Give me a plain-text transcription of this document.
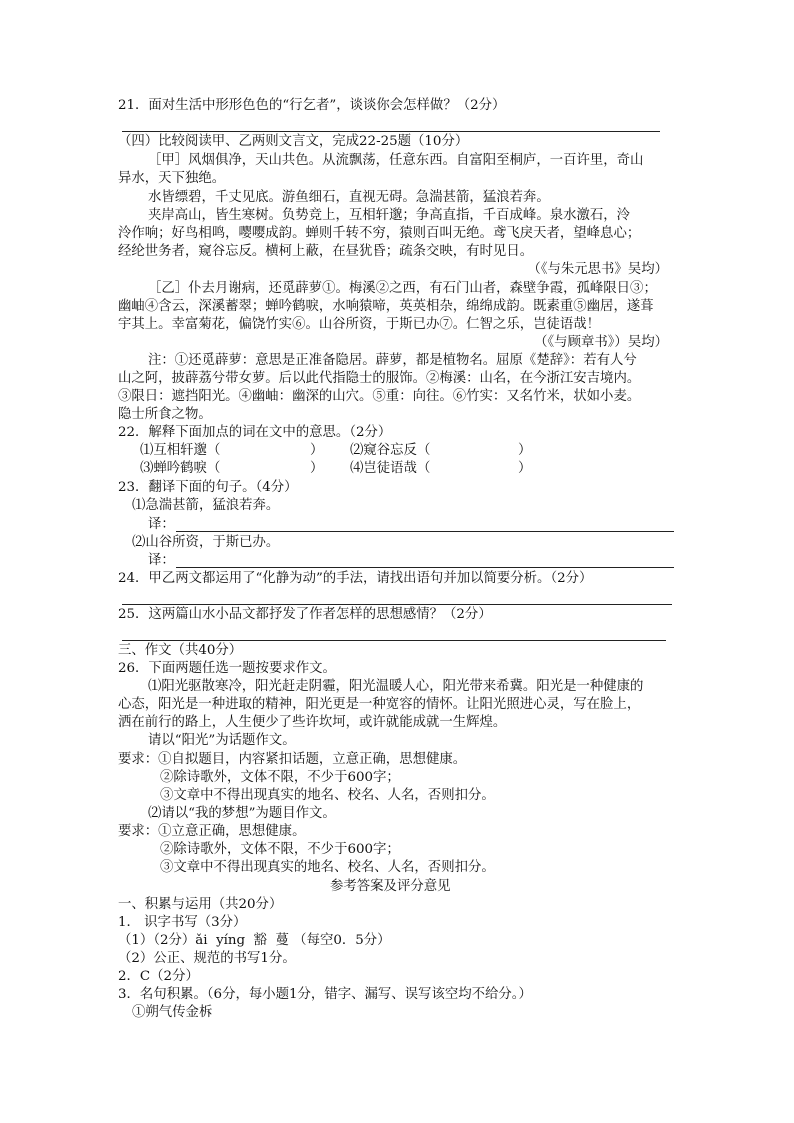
21．面对生活中形形色色的“行乞者”，谈谈你会怎样做？（2分）
（四）比较阅读甲、乙两则文言文，完成22-25题（10分）
［甲］风烟俱净，天山共色。从流飘荡，任意东西。自富阳至桐庐，一百许里，奇山
异水，天下独绝。
水皆缥碧，千丈见底。游鱼细石，直视无碍。急湍甚箭，猛浪若奔。
夹岸高山，皆生寒树。负势竞上，互相轩邈；争高直指，千百成峰。泉水激石，泠
泠作响；好鸟相鸣，嘤嘤成韵。蝉则千转不穷，猿则百叫无绝。鸢飞戾天者，望峰息心；
经纶世务者，窥谷忘反。横柯上蔽，在昼犹昏；疏条交映，有时见日。
（《与朱元思书》吴均）
［乙］仆去月谢病，还觅薜萝①。梅溪②之西，有石门山者，森壁争霞，孤峰限日③；
幽岫④含云，深溪蓄翠；蝉吟鹤唳，水响猿啼，英英相杂，绵绵成韵。既素重⑤幽居，遂葺
宇其上。幸富菊花，偏饶竹实⑥。山谷所资，于斯已办⑦。仁智之乐，岂徒语哉！
（《与顾章书》）吴均）
注：①还觅薜萝：意思是正准备隐居。薜萝，都是植物名。屈原《楚辞》：若有人兮
山之阿，披薜荔兮带女萝。后以此代指隐士的服饰。②梅溪：山名，在今浙江安吉境内。
③限日：遮挡阳光。④幽岫：幽深的山穴。⑤重：向往。⑥竹实：又名竹米，状如小麦。
隐士所食之物。
22．解释下面加点的词在文中的意思。（2分）
⑴互相轩邈（	） ⑵窥谷忘反（	）
⑶蝉吟鹤唳（	） ⑷岂徒语哉（	）
23．翻译下面的句子。（4分）
⑴急湍甚箭，猛浪若奔。
译：
⑵山谷所资，于斯已办。
译：
24．甲乙两文都运用了“化静为动”的手法，请找出语句并加以简要分析。（2分）
25．这两篇山水小品文都抒发了作者怎样的思想感情？（2分）
三、作文（共40分）
26．下面两题任选一题按要求作文。
⑴阳光驱散寒冷，阳光赶走阴霾，阳光温暖人心，阳光带来希冀。阳光是一种健康的
心态，阳光是一种进取的精神，阳光更是一种宽容的情怀。让阳光照进心灵，写在脸上，
洒在前行的路上，人生便少了些许坎坷，或许就能成就一生辉煌。
请以“阳光”为话题作文。
要求：①自拟题目，内容紧扣话题，立意正确，思想健康。
②除诗歌外，文体不限，不少于600字；
③文章中不得出现真实的地名、校名、人名，否则扣分。
⑵请以“我的梦想”为题目作文。
要求：①立意正确，思想健康。
②除诗歌外，文体不限，不少于600字；
③文章中不得出现真实的地名、校名、人名，否则扣分。
参考答案及评分意见
一、积累与运用（共20分）
1． 识字书写（3分）
（1）（2分）ǎi  yíng  豁  蔓 （每空0．5分）
（2）公正、规范的书写1分。
2．C（2分）
3．名句积累。（6分，每小题1分，错字、漏写、误写该空均不给分。）
①朔气传金柝
